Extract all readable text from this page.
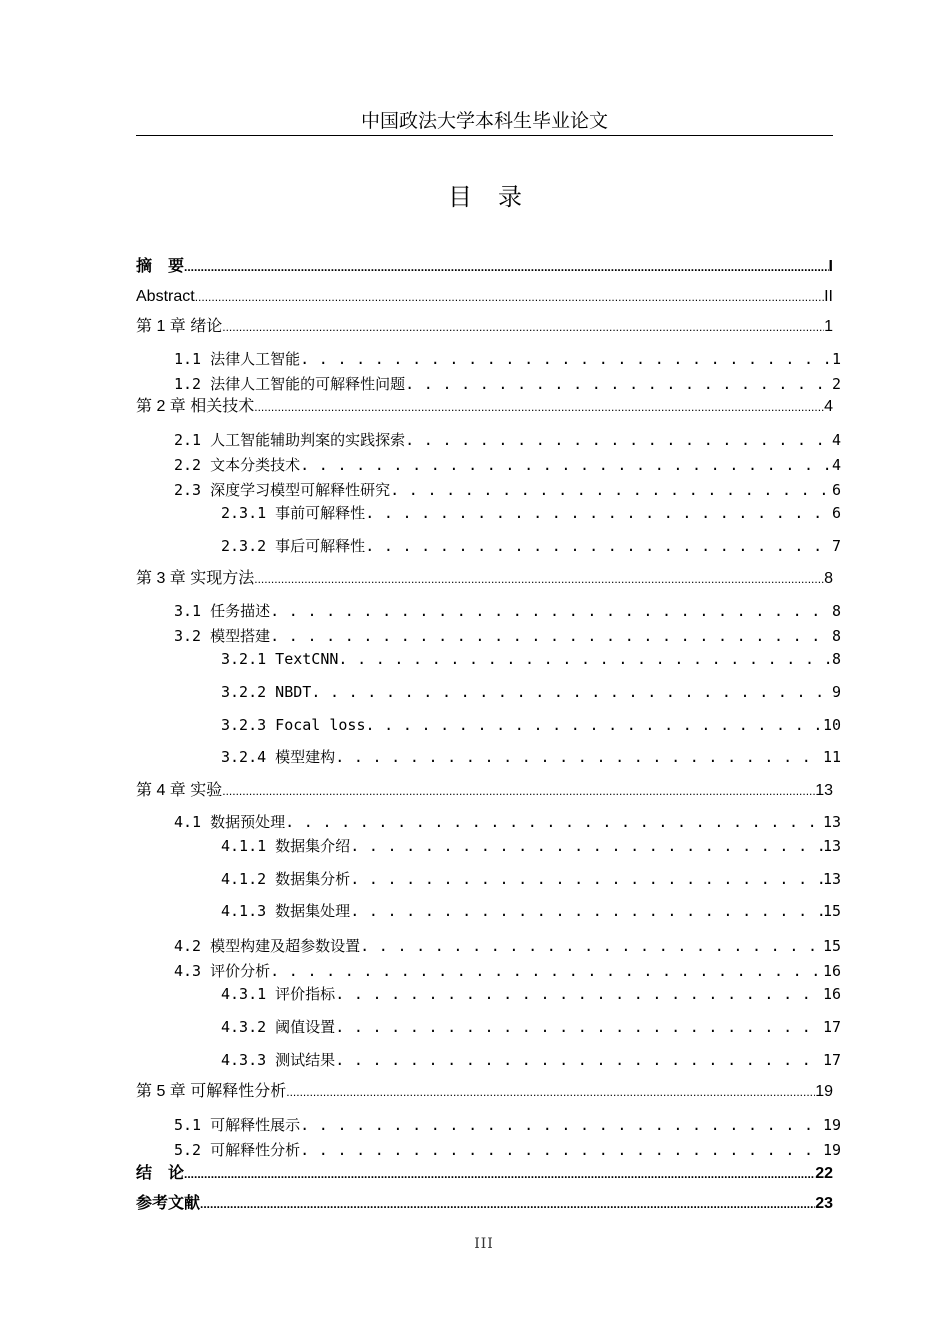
中国政法大学本科生毕业论文
目 录
摘　要 .....	I
Abstract .....	II
第 1 章 绪论 .....	1
1.1 法律人工智能 . . .	1
1.2 法律人工智能的可解释性问题 . . .	2
第 2 章 相关技术 .....	4
2.1 人工智能辅助判案的实践探索 . . .	4
2.2 文本分类技术 . . .	4
2.3 深度学习模型可解释性研究 . . .	6
2.3.1 事前可解释性 . . .	6
2.3.2 事后可解释性 . . .	7
第 3 章 实现方法 .....	8
3.1 任务描述 . . .	8
3.2 模型搭建 . . .	8
3.2.1 TextCNN . . .	8
3.2.2 NBDT . . .	9
3.2.3 Focal loss . . .	10
3.2.4 模型建构 . . .	11
第 4 章 实验 .....	13
4.1 数据预处理 . . .	13
4.1.1 数据集介绍 . . .	13
4.1.2 数据集分析 . . .	13
4.1.3 数据集处理 . . .	15
4.2 模型构建及超参数设置 . . .	15
4.3 评价分析 . . .	16
4.3.1 评价指标 . . .	16
4.3.2 阈值设置 . . .	17
4.3.3 测试结果 . . .	17
第 5 章 可解释性分析 .....	19
5.1 可解释性展示 . . .	19
5.2 可解释性分析 . . .	19
结　论 .....	22
参考文献 .....	23
III
